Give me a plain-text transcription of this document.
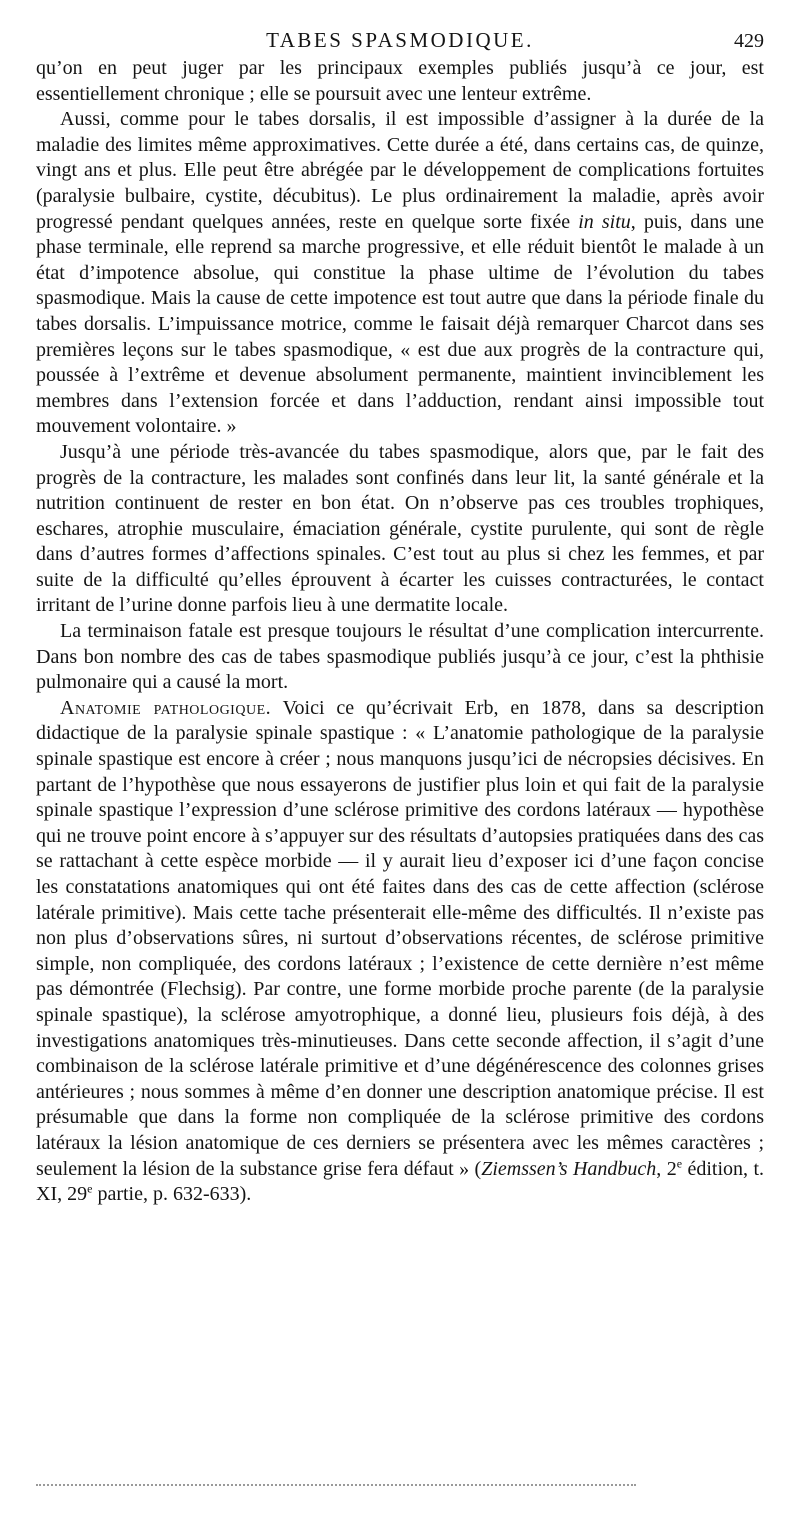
TABES SPASMODIQUE.	429

qu’on en peut juger par les principaux exemples publiés jusqu’à ce jour, est essentiellement chronique ; elle se poursuit avec une lenteur extrême.

Aussi, comme pour le tabes dorsalis, il est impossible d’assigner à la durée de la maladie des limites même approximatives. Cette durée a été, dans certains cas, de quinze, vingt ans et plus. Elle peut être abrégée par le développement de complications fortuites (paralysie bulbaire, cystite, décubitus). Le plus ordinairement la maladie, après avoir progressé pendant quelques années, reste en quelque sorte fixée in situ, puis, dans une phase terminale, elle reprend sa marche progressive, et elle réduit bientôt le malade à un état d’impotence absolue, qui constitue la phase ultime de l’évolution du tabes spasmodique. Mais la cause de cette impotence est tout autre que dans la période finale du tabes dorsalis. L’impuissance motrice, comme le faisait déjà remarquer Charcot dans ses premières leçons sur le tabes spasmodique, « est due aux progrès de la contracture qui, poussée à l’extrême et devenue absolument permanente, maintient invinciblement les membres dans l’extension forcée et dans l’adduction, rendant ainsi impossible tout mouvement volontaire. »

Jusqu’à une période très-avancée du tabes spasmodique, alors que, par le fait des progrès de la contracture, les malades sont confinés dans leur lit, la santé générale et la nutrition continuent de rester en bon état. On n’observe pas ces troubles trophiques, eschares, atrophie musculaire, émaciation générale, cystite purulente, qui sont de règle dans d’autres formes d’affections spinales. C’est tout au plus si chez les femmes, et par suite de la difficulté qu’elles éprouvent à écarter les cuisses contracturées, le contact irritant de l’urine donne parfois lieu à une dermatite locale.

La terminaison fatale est presque toujours le résultat d’une complication intercurrente. Dans bon nombre des cas de tabes spasmodique publiés jusqu’à ce jour, c’est la phthisie pulmonaire qui a causé la mort.

Anatomie pathologique. Voici ce qu’écrivait Erb, en 1878, dans sa description didactique de la paralysie spinale spastique : « L’anatomie pathologique de la paralysie spinale spastique est encore à créer ; nous manquons jusqu’ici de nécropsies décisives. En partant de l’hypothèse que nous essayerons de justifier plus loin et qui fait de la paralysie spinale spastique l’expression d’une sclérose primitive des cordons latéraux — hypothèse qui ne trouve point encore à s’appuyer sur des résultats d’autopsies pratiquées dans des cas se rattachant à cette espèce morbide — il y aurait lieu d’exposer ici d’une façon concise les constatations anatomiques qui ont été faites dans des cas de cette affection (sclérose latérale primitive). Mais cette tache présenterait elle-même des difficultés. Il n’existe pas non plus d’observations sûres, ni surtout d’observations récentes, de sclérose primitive simple, non compliquée, des cordons latéraux ; l’existence de cette dernière n’est même pas démontrée (Flechsig). Par contre, une forme morbide proche parente (de la paralysie spinale spastique), la sclérose amyotrophique, a donné lieu, plusieurs fois déjà, à des investigations anatomiques très-minutieuses. Dans cette seconde affection, il s’agit d’une combinaison de la sclérose latérale primitive et d’une dégénérescence des colonnes grises antérieures ; nous sommes à même d’en donner une description anatomique précise. Il est présumable que dans la forme non compliquée de la sclérose primitive des cordons latéraux la lésion anatomique de ces derniers se présentera avec les mêmes caractères ; seulement la lésion de la substance grise fera défaut » (Ziemssen’s Handbuch, 2e édition, t. XI, 29e partie, p. 632-633).
